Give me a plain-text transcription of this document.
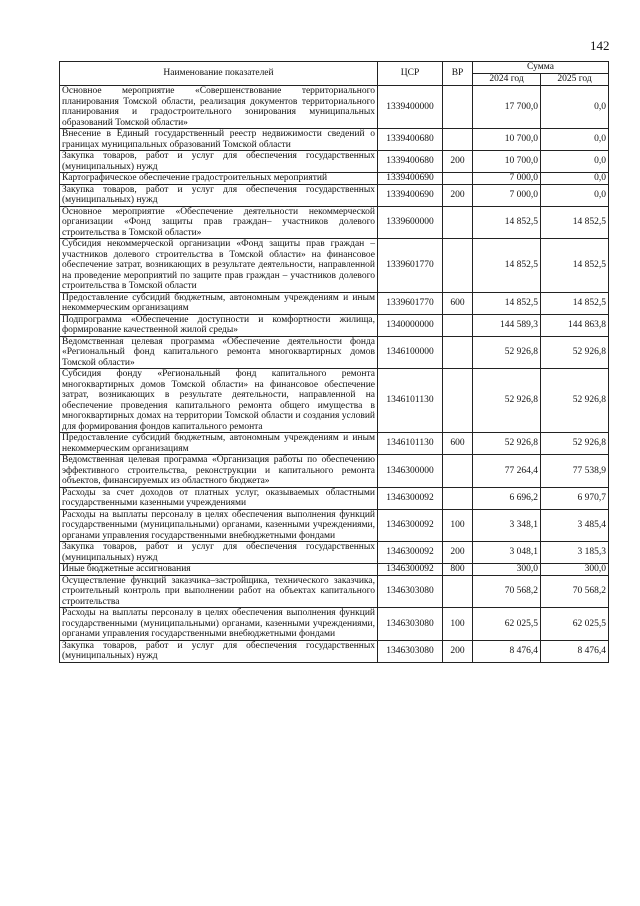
142
Наименование показателей	ЦСР	ВР	Сумма	
			2024 год	2025 год
Основное мероприятие «Совершенствование территориального планирования Томской области, реализация документов территориального планирования и градостроительного зонирования муниципальных образований Томской области»	1339400000		17 700,0	0,0
Внесение в Единый государственный реестр недвижимости сведений о границах муниципальных образований Томской области	1339400680		10 700,0	0,0
Закупка товаров, работ и услуг для обеспечения государственных (муниципальных) нужд	1339400680	200	10 700,0	0,0
Картографическое обеспечение градостроительных мероприятий	1339400690		7 000,0	0,0
Закупка товаров, работ и услуг для обеспечения государственных (муниципальных) нужд	1339400690	200	7 000,0	0,0
Основное мероприятие «Обеспечение деятельности некоммерческой организации «Фонд защиты прав граждан– участников долевого строительства в Томской области»	1339600000		14 852,5	14 852,5
Субсидия некоммерческой организации «Фонд защиты прав граждан – участников долевого строительства в Томской области» на финансовое обеспечение затрат, возникающих в результате деятельности, направленной на проведение мероприятий по защите прав граждан – участников долевого строительства в Томской области	1339601770		14 852,5	14 852,5
Предоставление субсидий бюджетным, автономным учреждениям и иным некоммерческим организациям	1339601770	600	14 852,5	14 852,5
Подпрограмма «Обеспечение доступности и комфортности жилища, формирование качественной жилой среды»	1340000000		144 589,3	144 863,8
Ведомственная целевая программа «Обеспечение деятельности фонда «Региональный фонд капитального ремонта многоквартирных домов Томской области»	1346100000		52 926,8	52 926,8
Субсидия фонду «Региональный фонд капитального ремонта многоквартирных домов Томской области» на финансовое обеспечение затрат, возникающих в результате деятельности, направленной на обеспечение проведения капитального ремонта общего имущества в многоквартирных домах на территории Томской области и создания условий для формирования фондов капитального ремонта	1346101130		52 926,8	52 926,8
Предоставление субсидий бюджетным, автономным учреждениям и иным некоммерческим организациям	1346101130	600	52 926,8	52 926,8
Ведомственная целевая программа «Организация работы по обеспечению эффективного строительства, реконструкции и капитального ремонта объектов, финансируемых из областного бюджета»	1346300000		77 264,4	77 538,9
Расходы за счет доходов от платных услуг, оказываемых областными государственными казенными учреждениями	1346300092		6 696,2	6 970,7
Расходы на выплаты персоналу в целях обеспечения выполнения функций государственными (муниципальными) органами, казенными учреждениями, органами управления государственными внебюджетными фондами	1346300092	100	3 348,1	3 485,4
Закупка товаров, работ и услуг для обеспечения государственных (муниципальных) нужд	1346300092	200	3 048,1	3 185,3
Иные бюджетные ассигнования	1346300092	800	300,0	300,0
Осуществление функций заказчика–застройщика, технического заказчика, строительный контроль при выполнении работ на объектах капитального строительства	1346303080		70 568,2	70 568,2
Расходы на выплаты персоналу в целях обеспечения выполнения функций государственными (муниципальными) органами, казенными учреждениями, органами управления государственными внебюджетными фондами	1346303080	100	62 025,5	62 025,5
Закупка товаров, работ и услуг для обеспечения государственных (муниципальных) нужд	1346303080	200	8 476,4	8 476,4
